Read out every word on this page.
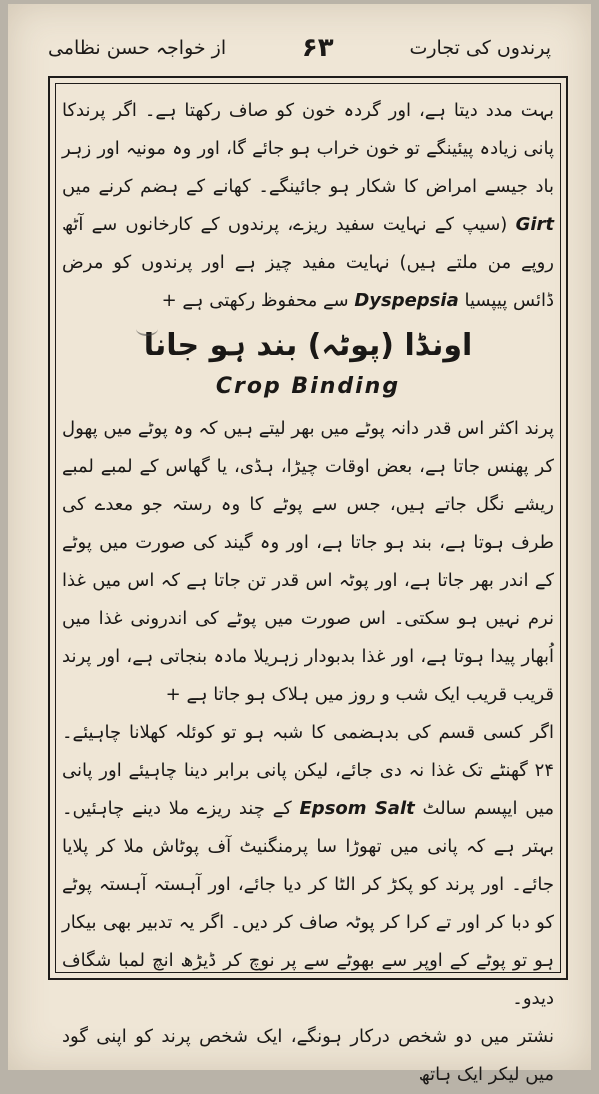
پرندوں کی تجارت
۶۳
از خواجہ حسن نظامی

بہت مدد دیتا ہے، اور گردہ خون کو صاف رکھتا ہے۔ اگر پرندکا پانی زیادہ پیئینگے تو خون خراب ہو جائے گا، اور وہ مونیہ اور زہر باد جیسے امراض کا شکار ہو جائینگے۔ کھانے کے ہضم کرنے میں Girt (سیپ کے نہایت سفید ریزے، پرندوں کے کارخانوں سے آٹھ روپے من ملتے ہیں) نہایت مفید چیز ہے اور پرندوں کو مرض ڈائس پیپسیا Dyspepsia سے محفوظ رکھتی ہے +

اونڈا (پوٹہ) بند ہو جانا
Crop Binding

پرند اکثر اس قدر دانہ پوٹے میں بھر لیتے ہیں کہ وہ پوٹے میں پھول کر پھنس جاتا ہے، بعض اوقات چیڑا، ہڈی، یا گھاس کے لمبے لمبے ریشے نگل جاتے ہیں، جس سے پوٹے کا وہ رستہ جو معدے کی طرف ہوتا ہے، بند ہو جاتا ہے، اور وہ گیند کی صورت میں پوٹے کے اندر بھر جاتا ہے، اور پوٹہ اس قدر تن جاتا ہے کہ اس میں غذا نرم نہیں ہو سکتی۔ اس صورت میں پوٹے کی اندرونی غذا میں اُبھار پیدا ہوتا ہے، اور غذا بدبودار زہریلا مادہ بنجاتی ہے، اور پرند قریب قریب ایک شب و روز میں ہلاک ہو جاتا ہے +

اگر کسی قسم کی بدہضمی کا شبہ ہو تو کوئلہ کھلانا چاہیئے۔ ۲۴ گھنٹے تک غذا نہ دی جائے، لیکن پانی برابر دینا چاہیئے اور پانی میں ایپسم سالٹ Epsom Salt کے چند ریزے ملا دینے چاہئیں۔ بہتر ہے کہ پانی میں تھوڑا سا پرمنگنیٹ آف پوٹاش ملا کر پلایا جائے۔ اور پرند کو پکڑ کر الٹا کر دیا جائے، اور آہستہ آہستہ پوٹے کو دبا کر اور تے کرا کر پوٹہ صاف کر دیں۔ اگر یہ تدبیر بھی بیکار ہو تو پوٹے کے اوپر سے بھوٹے سے پر نوچ کر ڈیڑھ انچ لمبا شگاف دیدو۔

نشتر میں دو شخص درکار ہونگے، ایک شخص پرند کو اپنی گود میں لیکر ایک ہاتھ
